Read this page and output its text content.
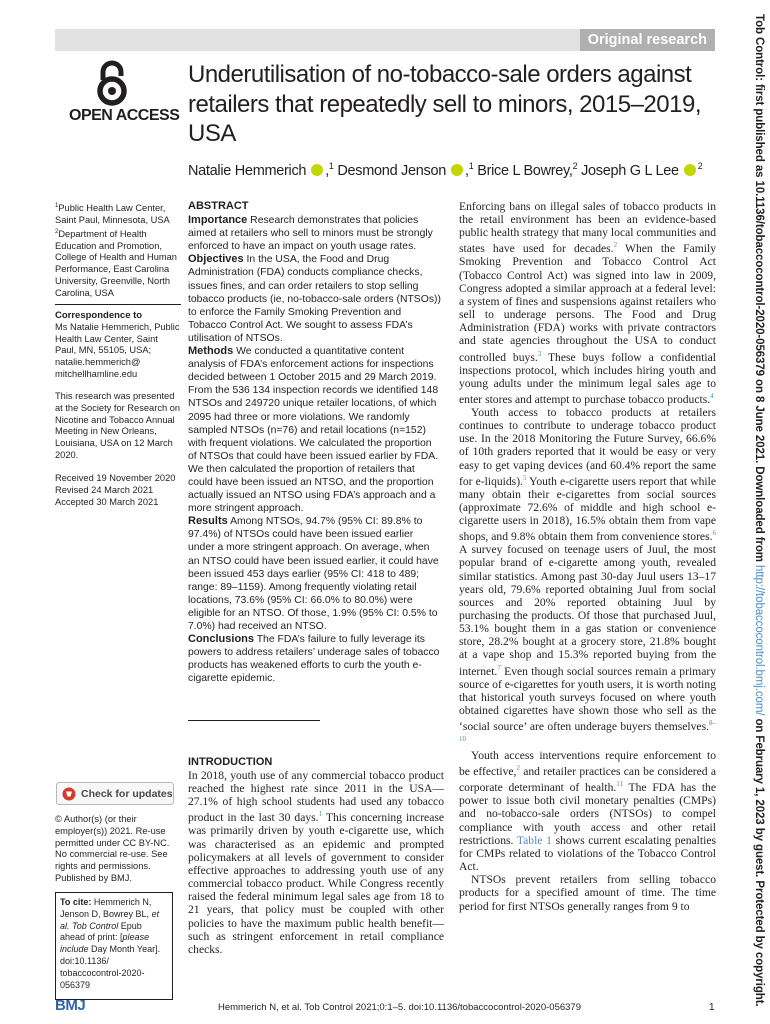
Original research
OPEN ACCESS
Underutilisation of no-tobacco-sale orders against retailers that repeatedly sell to minors, 2015–2019, USA
Natalie Hemmerich ,$^1$ Desmond Jenson ,$^1$ Brice L Bowrey,$^2$ Joseph G L Lee $^2$
$^1$Public Health Law Center, Saint Paul, Minnesota, USA
$^2$Department of Health Education and Promotion, College of Health and Human Performance, East Carolina University, Greenville, North Carolina, USA
Correspondence to
Ms Natalie Hemmerich, Public Health Law Center, Saint Paul, MN, 55105, USA; natalie.hemmerich@ mitchellhamline.edu
This research was presented at the Society for Research on Nicotine and Tobacco Annual Meeting in New Orleans, Louisiana, USA on 12 March 2020.
Received 19 November 2020
Revised 24 March 2021
Accepted 30 March 2021
Check for updates
© Author(s) (or their employer(s)) 2021. Re-use permitted under CC BY-NC. No commercial re-use. See rights and permissions. Published by BMJ.
To cite: Hemmerich N, Jenson D, Bowrey BL, et al. Tob Control Epub ahead of print: [please include Day Month Year]. doi:10.1136/ tobaccocontrol-2020-056379
ABSTRACT

Importance Research demonstrates that policies aimed at retailers who sell to minors must be strongly enforced to have an impact on youth usage rates.

Objectives In the USA, the Food and Drug Administration (FDA) conducts compliance checks, issues fines, and can order retailers to stop selling tobacco products (ie, no-tobacco-sale orders (NTSOs)) to enforce the Family Smoking Prevention and Tobacco Control Act. We sought to assess FDA’s utilisation of NTSOs.

Methods We conducted a quantitative content analysis of FDA’s enforcement actions for inspections decided between 1 October 2015 and 29 March 2019. From the 536 134 inspection records we identified 148 NTSOs and 249720 unique retailer locations, of which 2095 had three or more violations. We randomly sampled NTSOs (n=76) and retail locations (n=152) with frequent violations. We calculated the proportion of NTSOs that could have been issued earlier by FDA. We then calculated the proportion of retailers that could have been issued an NTSO, and the proportion actually issued an NTSO using FDA’s approach and a more stringent approach.

Results Among NTSOs, 94.7% (95% CI: 89.8% to 97.4%) of NTSOs could have been issued earlier under a more stringent approach. On average, when an NTSO could have been issued earlier, it could have been issued 453 days earlier (95% CI: 418 to 489; range: 89–1159). Among frequently violating retail locations, 73.6% (95% CI: 66.0% to 80.0%) were eligible for an NTSO. Of those, 1.9% (95% CI: 0.5% to 7.0%) had received an NTSO.

Conclusions The FDA’s failure to fully leverage its powers to address retailers’ underage sales of tobacco products has weakened efforts to curb the youth e-cigarette epidemic.

INTRODUCTION

In 2018, youth use of any commercial tobacco product reached the highest rate since 2011 in the USA—27.1% of high school students had used any tobacco product in the last 30 days.$^1$ This concerning increase was primarily driven by youth e-cigarette use, which was characterised as an epidemic and prompted policymakers at all levels of government to consider effective approaches to addressing youth use of any commercial tobacco product. While Congress recently raised the federal minimum legal sales age from 18 to 21 years, that policy must be coupled with other policies to have the maximum public health benefit—such as stringent enforcement in retail compliance checks.

Enforcing bans on illegal sales of tobacco products in the retail environment has been an evidence-based public health strategy that many local communities and states have used for decades.$^2$ When the Family Smoking Prevention and Tobacco Control Act (Tobacco Control Act) was signed into law in 2009, Congress adopted a similar approach at a federal level: a system of fines and suspensions against retailers who sell to underage persons. The Food and Drug Administration (FDA) works with private contractors and state agencies throughout the USA to conduct controlled buys.$^3$ These buys follow a confidential inspections protocol, which includes hiring youth and young adults under the minimum legal sales age to enter stores and attempt to purchase tobacco products.$^4$

Youth access to tobacco products at retailers continues to contribute to underage tobacco product use. In the 2018 Monitoring the Future Survey, 66.6% of 10th graders reported that it would be easy or very easy to get vaping devices (and 60.4% report the same for e-liquids).$^5$ Youth e-cigarette users report that while many obtain their e-cigarettes from social sources (approximate 72.6% of middle and high school e-cigarette users in 2018), 16.5% obtain them from vape shops, and 9.8% obtain them from convenience stores.$^6$ A survey focused on teenage users of Juul, the most popular brand of e-cigarette among youth, revealed similar statistics. Among past 30-day Juul users 13–17 years old, 79.6% reported obtaining Juul from social sources and 20% reported obtaining Juul by purchasing the products. Of those that purchased Juul, 53.1% bought them in a gas station or convenience store, 28.2% bought at a grocery store, 21.8% bought at a vape shop and 15.3% reported buying from the internet.$^7$ Even though social sources remain a primary source of e-cigarettes for youth users, it is worth noting that historical youth surveys focused on where youth obtained cigarettes have shown those who sell as the ‘social source’ are often underage buyers themselves.$^{8-10}$

Youth access interventions require enforcement to be effective,$^2$ and retailer practices can be considered a corporate determinant of health.$^{11}$ The FDA has the power to issue both civil monetary penalties (CMPs) and no-tobacco-sale orders (NTSOs) to compel compliance with youth access and other retail restrictions. Table 1 shows current escalating penalties for CMPs related to violations of the Tobacco Control Act.

NTSOs prevent retailers from selling tobacco products for a specified amount of time. The time period for first NTSOs generally ranges from 9 to

BMJ	Hemmerich N, et al. Tob Control 2021;0:1–5. doi:10.1136/tobaccocontrol-2020-056379	1
Tob Control: first published as 10.1136/tobaccocontrol-2020-056379 on 8 June 2021. Downloaded from http://tobaccocontrol.bmj.com/ on February 1, 2023 by guest. Protected by copyright.
